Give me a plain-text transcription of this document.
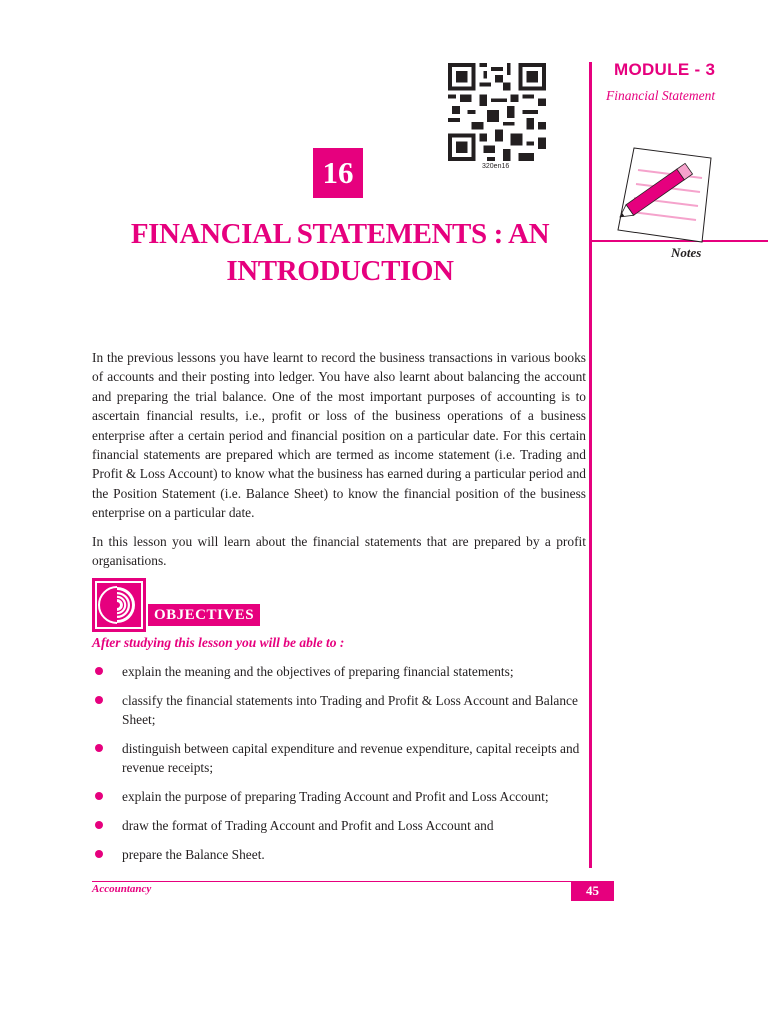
MODULE - 3
Financial Statement
Notes
320en16
16
FINANCIAL STATEMENTS : AN
INTRODUCTION

In the previous lessons you have learnt to record the business transactions in various books of accounts and their posting into ledger. You have also learnt about balancing the account and preparing the trial balance. One of the most important purposes of accounting is to ascertain financial results, i.e., profit or loss of the business operations of a business enterprise after a certain period and financial position on a particular date. For this certain financial statements are prepared which are termed as income statement (i.e. Trading and Profit & Loss Account) to know what the business has earned during a particular period and the Position Statement (i.e. Balance Sheet) to know the financial position of the business enterprise on a particular date.

In this lesson you will learn about the financial statements that are prepared by a profit organisations.

OBJECTIVES
After studying this lesson you will be able to :
explain the meaning and the objectives of preparing financial statements;
classify the financial statements into Trading and Profit & Loss Account and Balance Sheet;
distinguish between capital expenditure and revenue expenditure, capital receipts and revenue receipts;
explain the purpose of preparing Trading Account and Profit and Loss Account;
draw the format of Trading Account and Profit and Loss Account and
prepare the Balance Sheet.
Accountancy	45
